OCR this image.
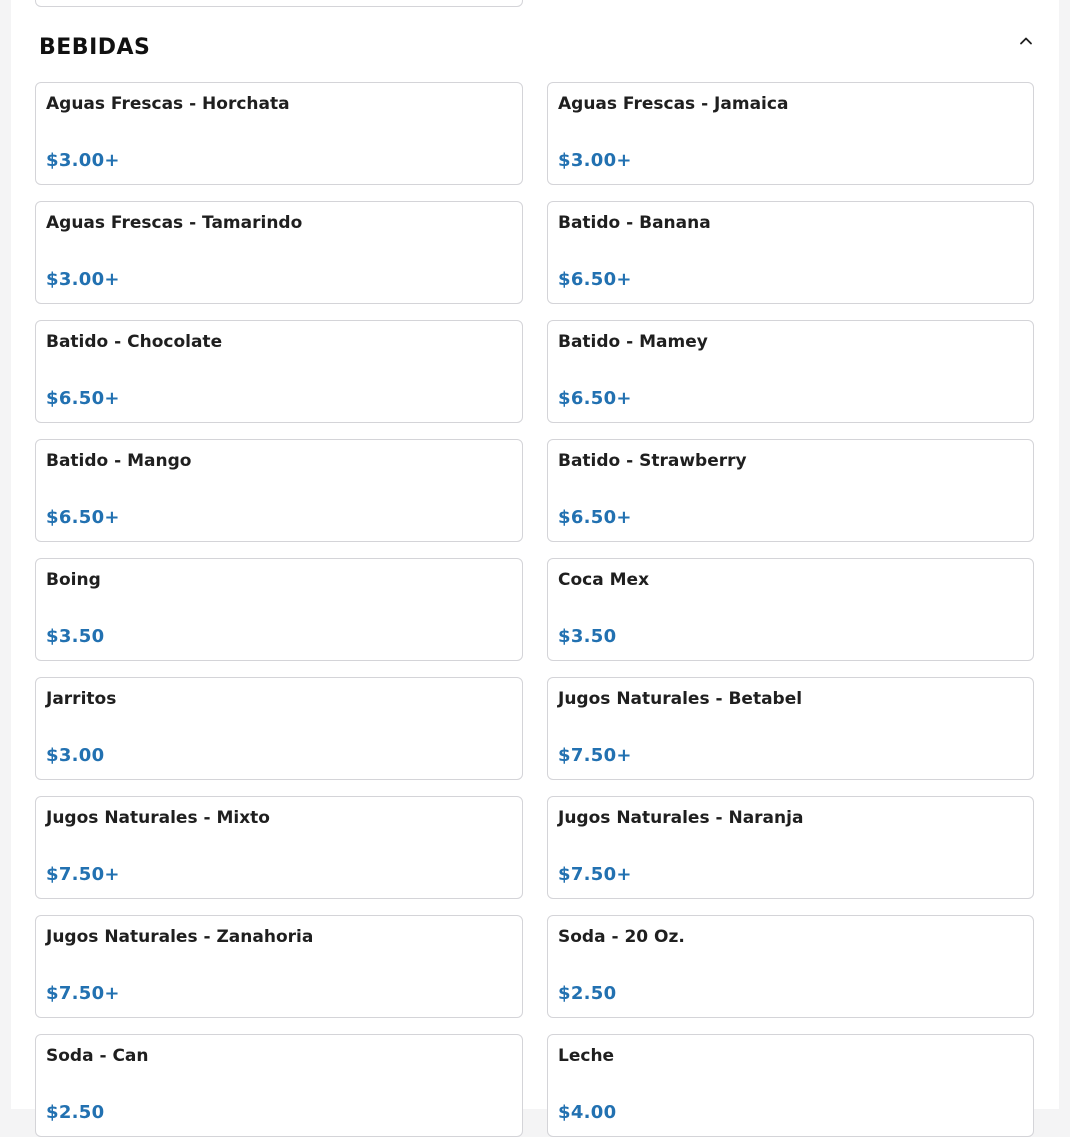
BEBIDAS
Aguas Frescas - Horchata
$3.00+
Aguas Frescas - Jamaica
$3.00+
Aguas Frescas - Tamarindo
$3.00+
Batido - Banana
$6.50+
Batido - Chocolate
$6.50+
Batido - Mamey
$6.50+
Batido - Mango
$6.50+
Batido - Strawberry
$6.50+
Boing
$3.50
Coca Mex
$3.50
Jarritos
$3.00
Jugos Naturales - Betabel
$7.50+
Jugos Naturales - Mixto
$7.50+
Jugos Naturales - Naranja
$7.50+
Jugos Naturales - Zanahoria
$7.50+
Soda - 20 Oz.
$2.50
Soda - Can
$2.50
Leche
$4.00
